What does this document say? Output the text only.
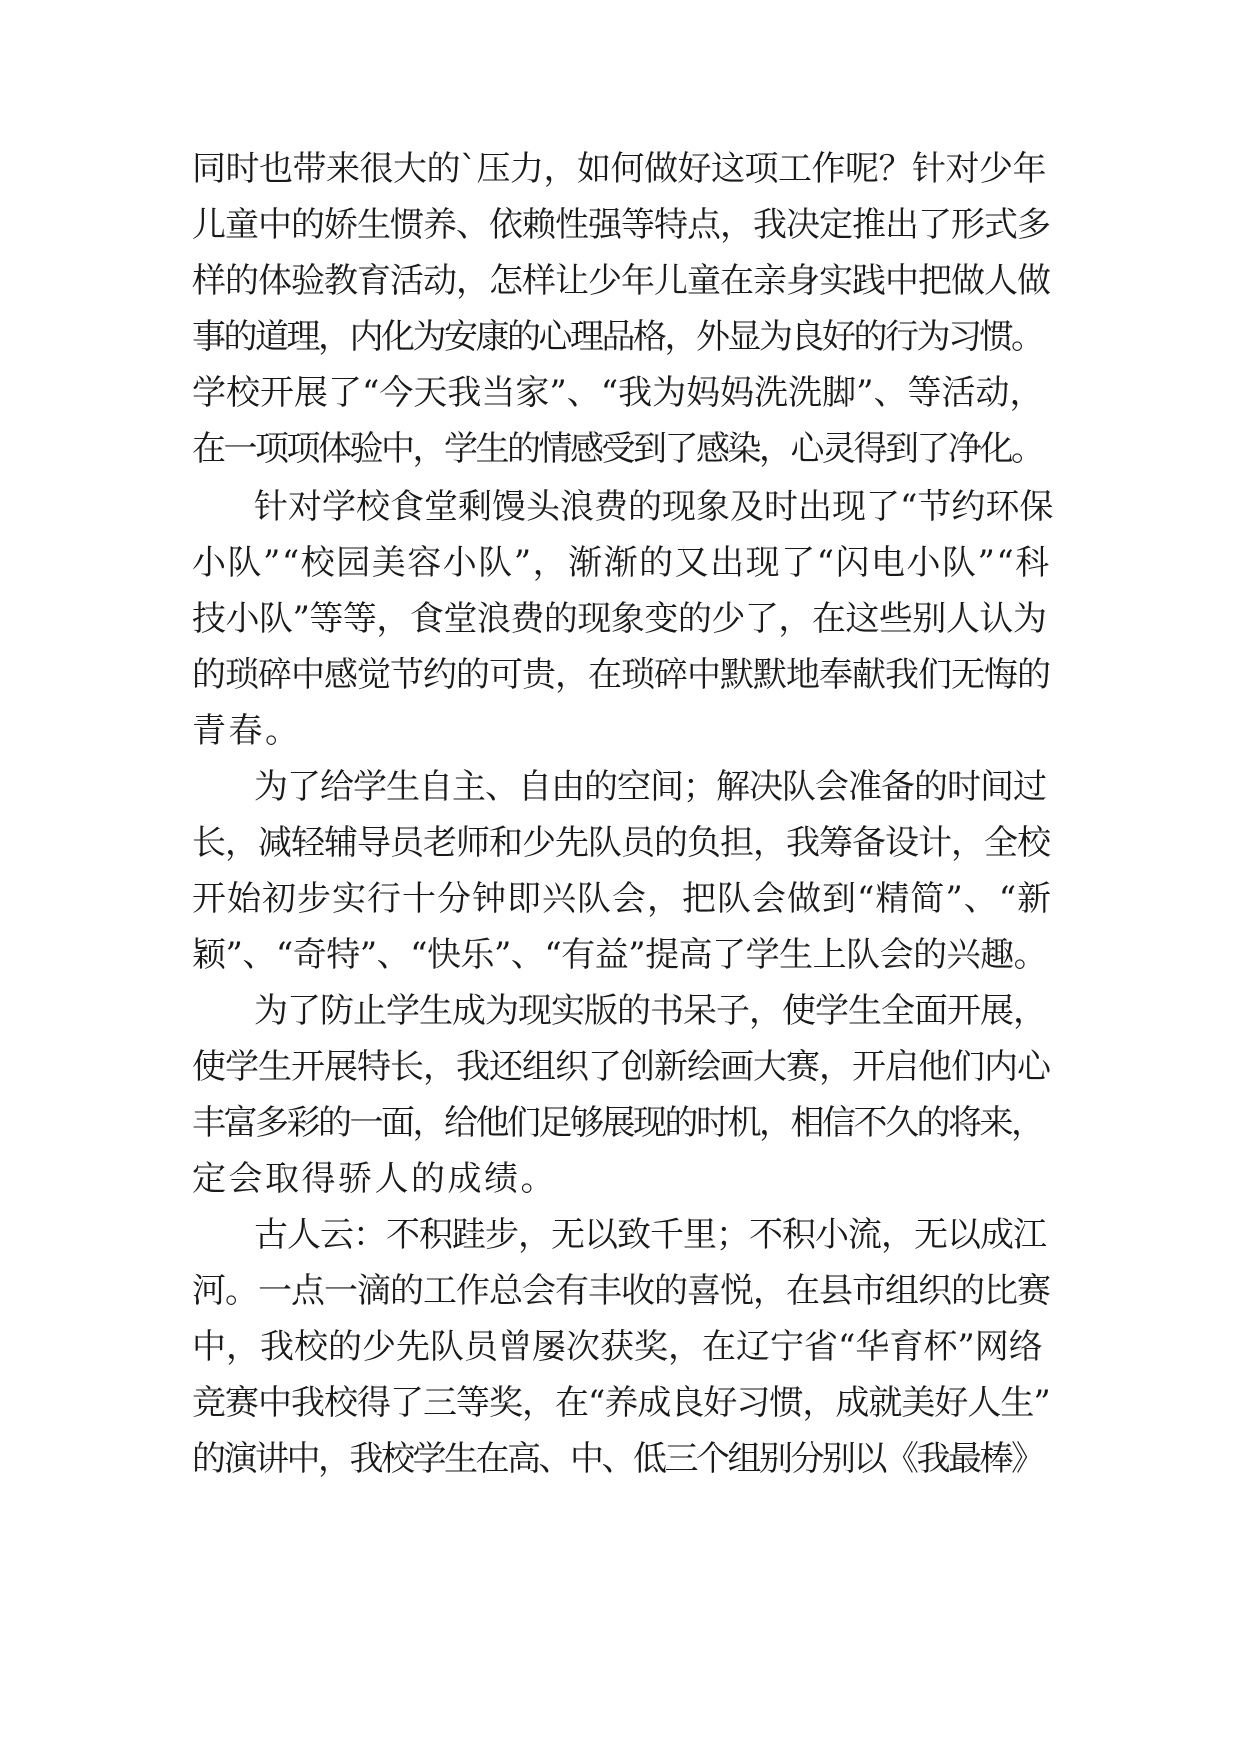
同时也带来很大的`压力，如何做好这项工作呢？针对少年
儿童中的娇生惯养、依赖性强等特点，我决定推出了形式多
样的体验教育活动，怎样让少年儿童在亲身实践中把做人做
事的道理，内化为安康的心理品格，外显为良好的行为习惯。
学校开展了“今天我当家”、“我为妈妈洗洗脚”、等活动，
在一项项体验中，学生的情感受到了感染，心灵得到了净化。
针对学校食堂剩馒头浪费的现象及时出现了“节约环保
小队”“校园美容小队”，渐渐的又出现了“闪电小队”“科
技小队”等等，食堂浪费的现象变的少了，在这些别人认为
的琐碎中感觉节约的可贵，在琐碎中默默地奉献我们无悔的
青春。
为了给学生自主、自由的空间；解决队会准备的时间过
长，减轻辅导员老师和少先队员的负担，我筹备设计，全校
开始初步实行十分钟即兴队会，把队会做到“精简”、“新
颖”、“奇特”、“快乐”、“有益”提高了学生上队会的兴趣。
为了防止学生成为现实版的书呆子，使学生全面开展，
使学生开展特长，我还组织了创新绘画大赛，开启他们内心
丰富多彩的一面，给他们足够展现的时机，相信不久的将来，
定会取得骄人的成绩。
古人云：不积跬步，无以致千里；不积小流，无以成江
河。一点一滴的工作总会有丰收的喜悦，在县市组织的比赛
中，我校的少先队员曾屡次获奖，在辽宁省“华育杯”网络
竞赛中我校得了三等奖，在“养成良好习惯，成就美好人生”
的演讲中，我校学生在高、中、低三个组别分别以《我最棒》
